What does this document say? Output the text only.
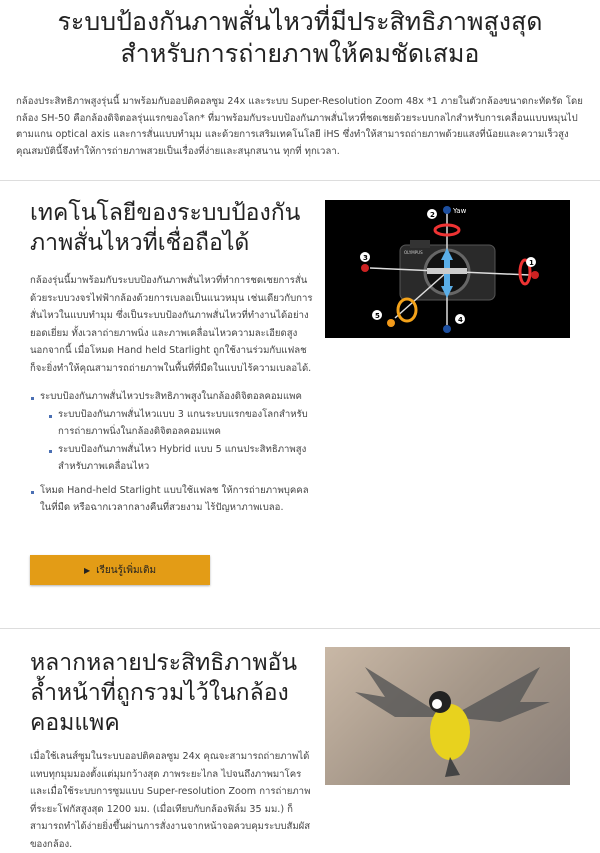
ระบบป้องกันภาพสั่นไหวที่มีประสิทธิภาพสูงสุด
สำหรับการถ่ายภาพให้คมชัดเสมอ

กล้องประสิทธิภาพสูงรุ่นนี้ มาพร้อมกับออปติคอลซูม 24x และระบบ Super-Resolution Zoom 48x *1 ภายในตัวกล้องขนาดกะทัดรัด โดยกล้อง SH-50 คือกล้องดิจิตอลรุ่นแรกของโลก* ที่มาพร้อมกับระบบป้องกันภาพสั่นไหวที่ชดเชยด้วยระบบกลไกสำหรับการเคลื่อนแบบหมุนไปตามแกน optical axis และการสั่นแบบทำมุม และด้วยการเสริมเทคโนโลยี iHS ซึ่งทำให้สามารถถ่ายภาพด้วยแสงที่น้อยและความเร็วสูง คุณสมบัตินี้จึงทำให้การถ่ายภาพสวยเป็นเรื่องที่ง่ายและสนุกสนาน ทุกที่ ทุกเวลา.

เทคโนโลยีของระบบป้องกันภาพสั่นไหวที่เชื่อถือได้

กล้องรุ่นนี้มาพร้อมกับระบบป้องกันภาพสั่นไหวที่ทำการชดเชยการสั่นด้วยระบบวงจรไฟฟ้ากล้องด้วยการเบลอเป็นแนวหมุน เช่นเดียวกับการสั่นไหวในแบบทำมุม ซึ่งเป็นระบบป้องกันภาพสั่นไหวที่ทำงานได้อย่างยอดเยี่ยม ทั้งเวลาถ่ายภาพนิ่ง และภาพเคลื่อนไหวความละเอียดสูง นอกจากนี้ เมื่อโหมด Hand held Starlight ถูกใช้งานร่วมกับแฟลช ก็จะยิ่งทำให้คุณสามารถถ่ายภาพในพื้นที่ที่มืดในแบบไร้ความเบลอได้.

ระบบป้องกันภาพสั่นไหวประสิทธิภาพสูงในกล้องดิจิตอลคอมแพค
ระบบป้องกันภาพสั่นไหวแบบ 3 แกนระบบแรกของโลกสำหรับการถ่ายภาพนิ่งในกล้องดิจิตอลคอมแพค
ระบบป้องกันภาพสั่นไหว Hybrid แบบ 5 แกนประสิทธิภาพสูงสำหรับภาพเคลื่อนไหว
โหมด Hand-held Starlight แบบใช้แฟลช ให้การถ่ายภาพบุคคลในที่มืด หรือฉากเวลากลางคืนที่สวยงาม ไร้ปัญหาภาพเบลอ.
▶ เรียนรู้เพิ่มเติม
OLYMPUS
Yaw
2
1
3
4
5
หลากหลายประสิทธิภาพอันล้ำหน้าที่ถูกรวมไว้ในกล้องคอมแพค

เมื่อใช้เลนส์ซูมในระบบออปติคอลซูม 24x คุณจะสามารถถ่ายภาพได้แทบทุกมุมมองตั้งแต่มุมกว้างสุด ภาพระยะไกล ไปจนถึงภาพมาโคร และเมื่อใช้ระบบการซูมแบบ Super-resolution Zoom การถ่ายภาพที่ระยะโฟกัสสูงสุด 1200 มม. (เมื่อเทียบกับกล้องฟิล์ม 35 มม.) ก็สามารถทำได้ง่ายยิ่งขึ้นผ่านการสั่งงานจากหน้าจอควบคุมระบบสัมผัสของกล้อง.
